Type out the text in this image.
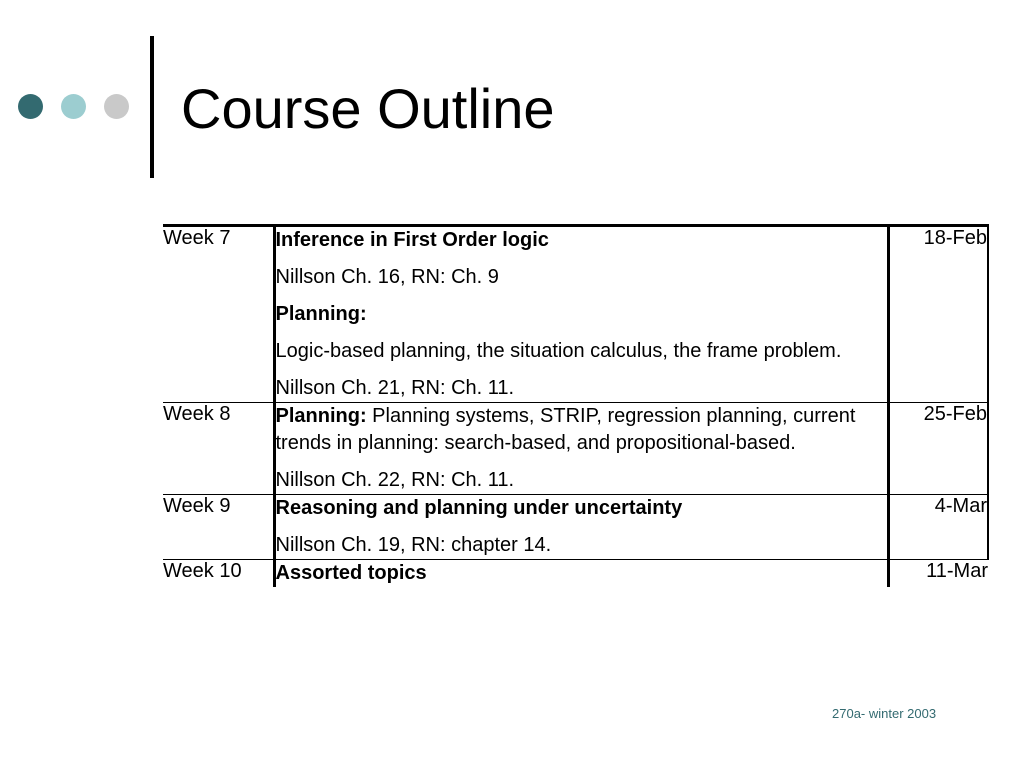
Course Outline
Week 7	Inference in First Order logic
Nillson Ch. 16, RN: Ch. 9
Planning:
Logic-based planning, the situation calculus, the frame problem.
Nillson Ch. 21, RN: Ch. 11.	18-Feb
Week 8	Planning: Planning systems, STRIP, regression planning, current trends in planning: search-based, and propositional-based.
Nillson Ch. 22, RN: Ch. 11.	25-Feb
Week 9	Reasoning and planning under uncertainty
Nillson Ch. 19, RN: chapter 14.	4-Mar
Week 10	Assorted topics	11-Mar
270a- winter 2003
